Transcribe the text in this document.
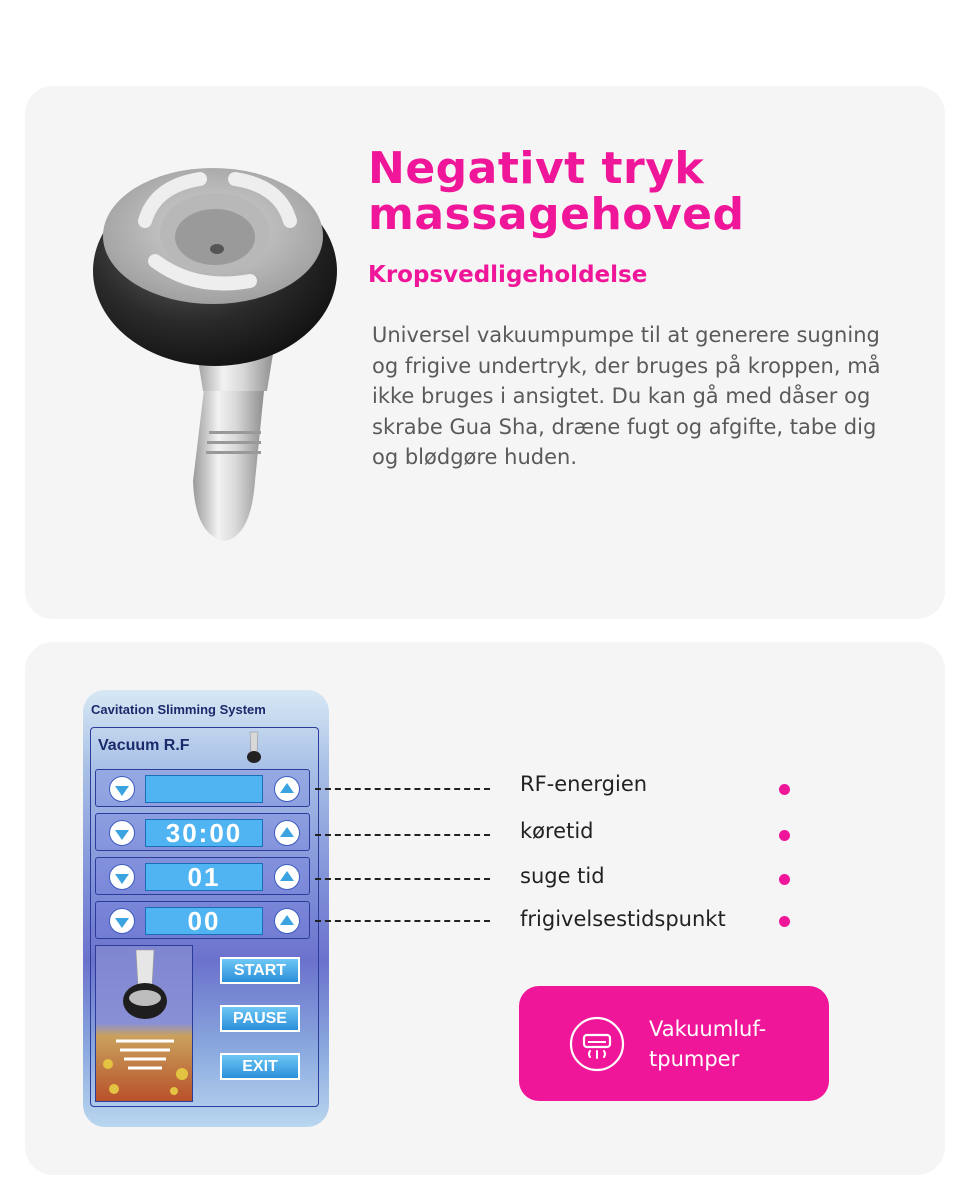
Negativt tryk massagehoved
Kropsvedligeholdelse
Universel vakuumpumpe til at generere sugning og frigive undertryk, der bruges på kroppen, må ikke bruges i ansigtet. Du kan gå med dåser og skrabe Gua Sha, dræne fugt og afgifte, tabe dig og blødgøre huden.
Cavitation Slimming System
Vacuum R.F
30:00
01
00
START
PAUSE
EXIT
RF-energien
køretid
suge tid
frigivelsestidspunkt
Vakuumluf-tpumper
